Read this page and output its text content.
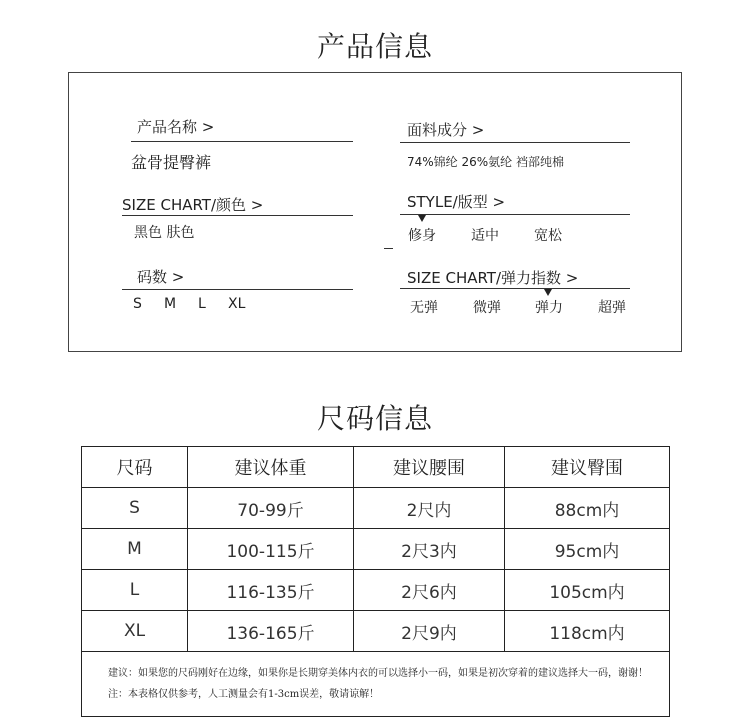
产品信息
产品名称 >
盆骨提臀裤
SIZE CHART/颜色 >
黑色 肤色
码数 >
S M L XL
面料成分 >
74%锦纶 26%氨纶 裆部纯棉
STYLE/版型 >
修身	适中	宽松
SIZE CHART/弹力指数 >
无弹	微弹 弹力	超弹
尺码信息
尺码	建议体重	建议腰围	建议臀围
S	70-99斤	2尺内	88cm内
M	100-115斤	2尺3内	95cm内
L	116-135斤	2尺6内	105cm内
XL	136-165斤	2尺9内	118cm内

建议：如果您的尺码刚好在边缘，如果你是长期穿美体内衣的可以选择小一码，如果是初次穿着的建议选择大一码，谢谢！
注：本表格仅供参考，人工测量会有1-3cm误差，敬请谅解！			
